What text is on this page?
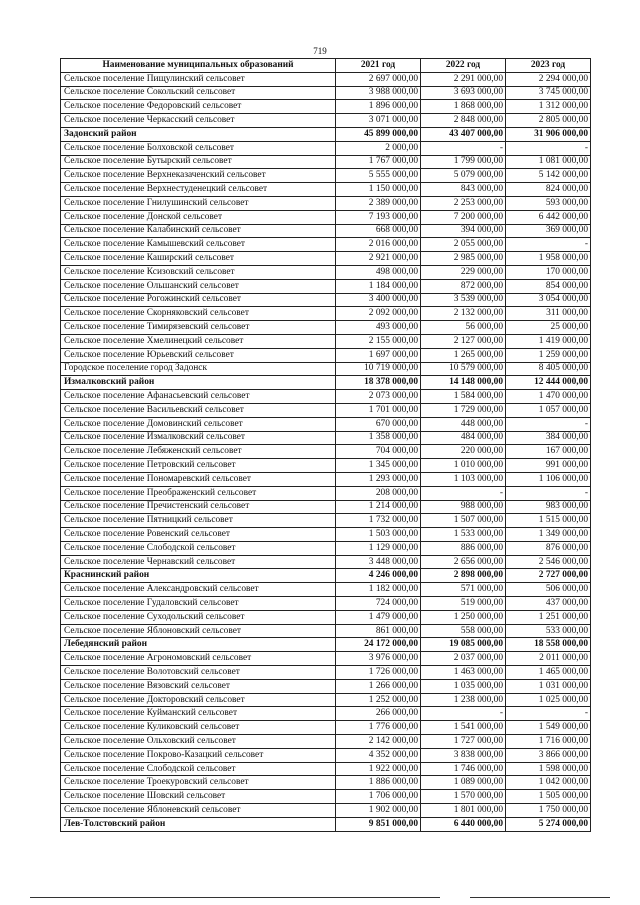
719
Наименование муниципальных образований	2021 год	2022 год	2023 год
Сельское поселение Пищулинский сельсовет	2 697 000,00	2 291 000,00	2 294 000,00
Сельское поселение Сокольский сельсовет	3 988 000,00	3 693 000,00	3 745 000,00
Сельское поселение Федоровский сельсовет	1 896 000,00	1 868 000,00	1 312 000,00
Сельское поселение Черкасский сельсовет	3 071 000,00	2 848 000,00	2 805 000,00
Задонский район	45 899 000,00	43 407 000,00	31 906 000,00
Сельское поселение Болховской сельсовет	2 000,00	-	-
Сельское поселение Бутырский сельсовет	1 767 000,00	1 799 000,00	1 081 000,00
Сельское поселение Верхнеказаченский сельсовет	5 555 000,00	5 079 000,00	5 142 000,00
Сельское поселение Верхнестуденецкий сельсовет	1 150 000,00	843 000,00	824 000,00
Сельское поселение Гнилушинский сельсовет	2 389 000,00	2 253 000,00	593 000,00
Сельское поселение Донской сельсовет	7 193 000,00	7 200 000,00	6 442 000,00
Сельское поселение Калабинский сельсовет	668 000,00	394 000,00	369 000,00
Сельское поселение Камышевский сельсовет	2 016 000,00	2 055 000,00	-
Сельское поселение Каширский сельсовет	2 921 000,00	2 985 000,00	1 958 000,00
Сельское поселение Ксизовский сельсовет	498 000,00	229 000,00	170 000,00
Сельское поселение Ольшанский сельсовет	1 184 000,00	872 000,00	854 000,00
Сельское поселение Рогожинский сельсовет	3 400 000,00	3 539 000,00	3 054 000,00
Сельское поселение Скорняковский сельсовет	2 092 000,00	2 132 000,00	311 000,00
Сельское поселение Тимирязевский сельсовет	493 000,00	56 000,00	25 000,00
Сельское поселение Хмелинецкий сельсовет	2 155 000,00	2 127 000,00	1 419 000,00
Сельское поселение Юрьевский сельсовет	1 697 000,00	1 265 000,00	1 259 000,00
Городское поселение город Задонск	10 719 000,00	10 579 000,00	8 405 000,00
Измалковский район	18 378 000,00	14 148 000,00	12 444 000,00
Сельское поселение Афанасьевский сельсовет	2 073 000,00	1 584 000,00	1 470 000,00
Сельское поселение Васильевский сельсовет	1 701 000,00	1 729 000,00	1 057 000,00
Сельское поселение Домовинский сельсовет	670 000,00	448 000,00	-
Сельское поселение Измалковский сельсовет	1 358 000,00	484 000,00	384 000,00
Сельское поселение Лебяженский сельсовет	704 000,00	220 000,00	167 000,00
Сельское поселение Петровский сельсовет	1 345 000,00	1 010 000,00	991 000,00
Сельское поселение Пономаревский сельсовет	1 293 000,00	1 103 000,00	1 106 000,00
Сельское поселение Преображенский сельсовет	208 000,00	-	-
Сельское поселение Пречистенский сельсовет	1 214 000,00	988 000,00	983 000,00
Сельское поселение Пятницкий сельсовет	1 732 000,00	1 507 000,00	1 515 000,00
Сельское поселение Ровенский сельсовет	1 503 000,00	1 533 000,00	1 349 000,00
Сельское поселение Слободской сельсовет	1 129 000,00	886 000,00	876 000,00
Сельское поселение Чернавский сельсовет	3 448 000,00	2 656 000,00	2 546 000,00
Краснинский район	4 246 000,00	2 898 000,00	2 727 000,00
Сельское поселение Александровский сельсовет	1 182 000,00	571 000,00	506 000,00
Сельское поселение Гудаловский сельсовет	724 000,00	519 000,00	437 000,00
Сельское поселение Суходольский сельсовет	1 479 000,00	1 250 000,00	1 251 000,00
Сельское поселение Яблоновский сельсовет	861 000,00	558 000,00	533 000,00
Лебедянский район	24 172 000,00	19 085 000,00	18 558 000,00
Сельское поселение Агрономовский сельсовет	3 976 000,00	2 037 000,00	2 011 000,00
Сельское поселение Волотовский сельсовет	1 726 000,00	1 463 000,00	1 465 000,00
Сельское поселение Вязовский сельсовет	1 266 000,00	1 035 000,00	1 031 000,00
Сельское поселение Докторовский сельсовет	1 252 000,00	1 238 000,00	1 025 000,00
Сельское поселение Куйманский сельсовет	266 000,00	-	-
Сельское поселение Куликовский сельсовет	1 776 000,00	1 541 000,00	1 549 000,00
Сельское поселение Ольховский сельсовет	2 142 000,00	1 727 000,00	1 716 000,00
Сельское поселение Покрово-Казацкий сельсовет	4 352 000,00	3 838 000,00	3 866 000,00
Сельское поселение Слободской сельсовет	1 922 000,00	1 746 000,00	1 598 000,00
Сельское поселение Троекуровский сельсовет	1 886 000,00	1 089 000,00	1 042 000,00
Сельское поселение Шовский сельсовет	1 706 000,00	1 570 000,00	1 505 000,00
Сельское поселение Яблоневский сельсовет	1 902 000,00	1 801 000,00	1 750 000,00
Лев-Толстовский район	9 851 000,00	6 440 000,00	5 274 000,00
